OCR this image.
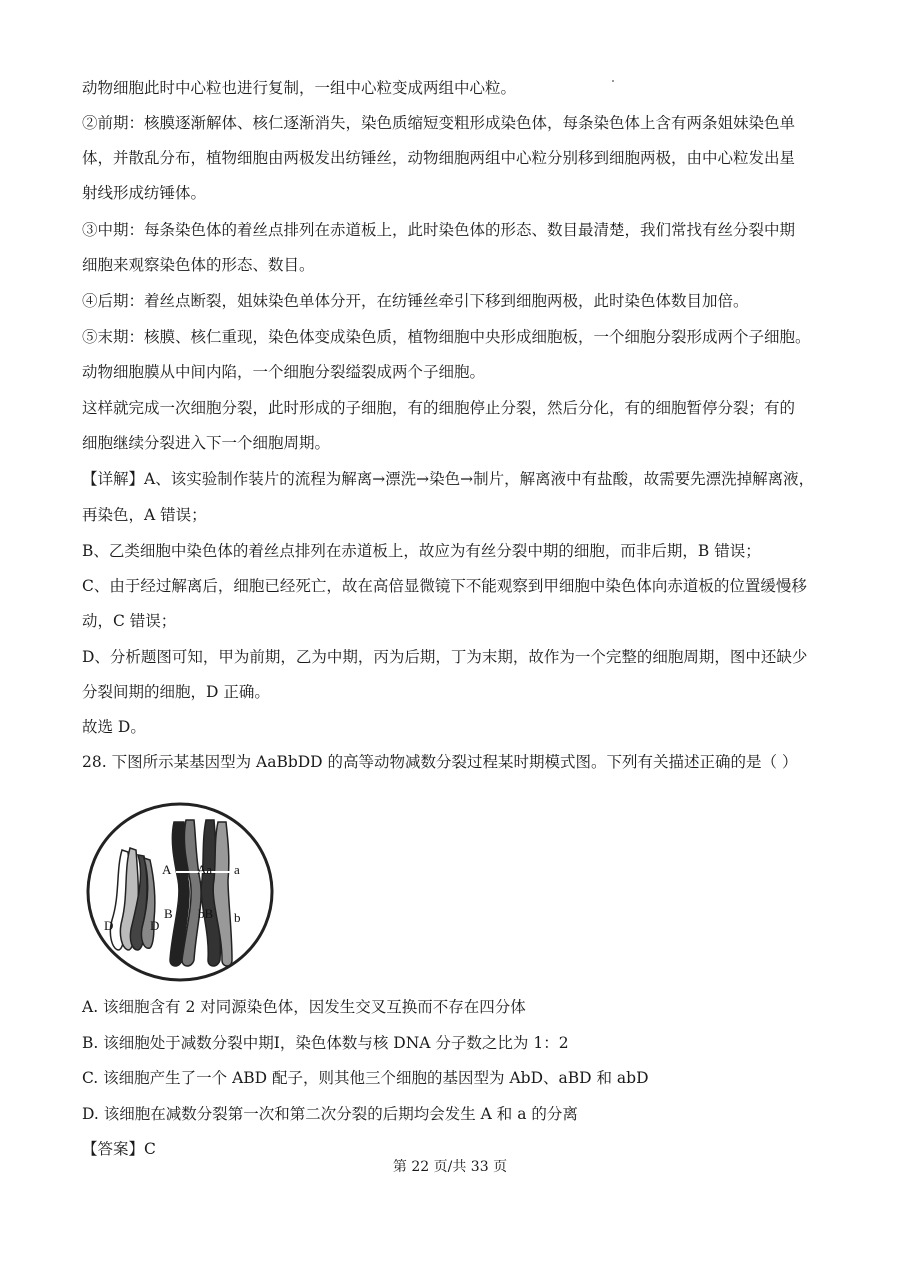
动物细胞此时中心粒也进行复制，一组中心粒变成两组中心粒。
②前期：核膜逐渐解体、核仁逐渐消失，染色质缩短变粗形成染色体，每条染色体上含有两条姐妹染色单
体，并散乱分布，植物细胞由两极发出纺锤丝，动物细胞两组中心粒分别移到细胞两极，由中心粒发出星
射线形成纺锤体。
③中期：每条染色体的着丝点排列在赤道板上，此时染色体的形态、数目最清楚，我们常找有丝分裂中期
细胞来观察染色体的形态、数目。
④后期：着丝点断裂，姐妹染色单体分开，在纺锤丝牵引下移到细胞两极，此时染色体数目加倍。
⑤末期：核膜、核仁重现，染色体变成染色质，植物细胞中央形成细胞板，一个细胞分裂形成两个子细胞。
动物细胞膜从中间内陷，一个细胞分裂缢裂成两个子细胞。
这样就完成一次细胞分裂，此时形成的子细胞，有的细胞停止分裂，然后分化，有的细胞暂停分裂；有的
细胞继续分裂进入下一个细胞周期。
【详解】A、该实验制作装片的流程为解离→漂洗→染色→制片，解离液中有盐酸，故需要先漂洗掉解离液，
再染色，A 错误；
B、乙类细胞中染色体的着丝点排列在赤道板上，故应为有丝分裂中期的细胞，而非后期，B 错误；
C、由于经过解离后，细胞已经死亡，故在高倍显微镜下不能观察到甲细胞中染色体向赤道板的位置缓慢移
动，C 错误；
D、分析题图可知，甲为前期，乙为中期，丙为后期，丁为末期，故作为一个完整的细胞周期，图中还缺少
分裂间期的细胞，D 正确。
故选 D。
28. 下图所示某基因型为 AaBbDD 的高等动物减数分裂过程某时期模式图。下列有关描述正确的是（ ）
A Aa a
D	D
B bB b
A. 该细胞含有 2 对同源染色体，因发生交叉互换而不存在四分体
B. 该细胞处于减数分裂中期Ⅰ，染色体数与核 DNA 分子数之比为 1：2
C. 该细胞产生了一个 ABD 配子，则其他三个细胞的基因型为 AbD、aBD 和 abD
D. 该细胞在减数分裂第一次和第二次分裂的后期均会发生 A 和 a 的分离
【答案】C
第 22 页/共 33 页
